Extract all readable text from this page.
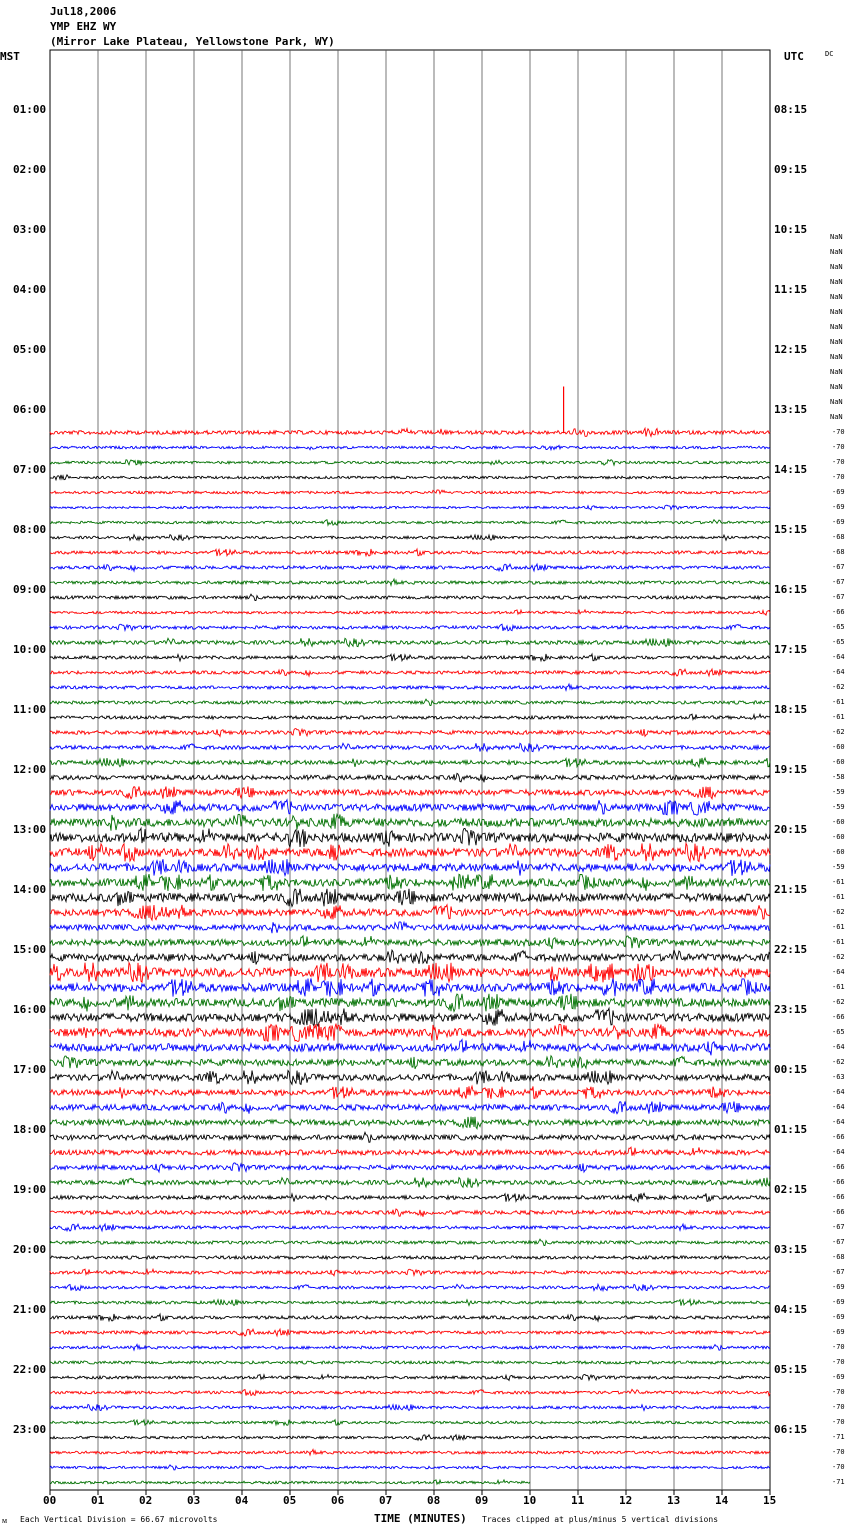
Jul18,2006
YMP EHZ WY
(Mirror Lake Plateau, Yellowstone Park, WY)
MST	UTC	DC
00	01	02	03	04	05	06	07	08	09	10	11	12	13	14	15
01:00
02:00
03:00
04:00
05:00
06:00
07:00
08:00
09:00
10:00
11:00
12:00
13:00
14:00
15:00
16:00
17:00
18:00
19:00
20:00
21:00
22:00
23:00
08:15
09:15
10:15
11:15
12:15
13:15
14:15
15:15
16:15
17:15
18:15
19:15
20:15
21:15
22:15
23:15
00:15
01:15
02:15
03:15
04:15
05:15
06:15
NaN
NaN
NaN
NaN
NaN
NaN
NaN
NaN
NaN
NaN
NaN
NaN
NaN
-70
-70
-70
-70
-69
-69
-69
-68
-68
-67
-67
-67
-66
-65
-65
-64
-64
-62
-61
-61
-62
-60
-60
-58
-59
-59
-60
-60
-60
-59
-61
-61
-62
-61
-61
-62
-64
-61
-62
-66
-65
-64
-62
-63
-64
-64
-64
-66
-64
-66
-66
-66
-66
-67
-67
-68
-67
-69
-69
-69
-69
-70
-70
-69
-70
-70
-70
-71
-70
-70
-71
TIME (MINUTES)
ᴍ Each Vertical Division = 66.67 microvolts	Traces clipped at plus/minus 5 vertical divisions
